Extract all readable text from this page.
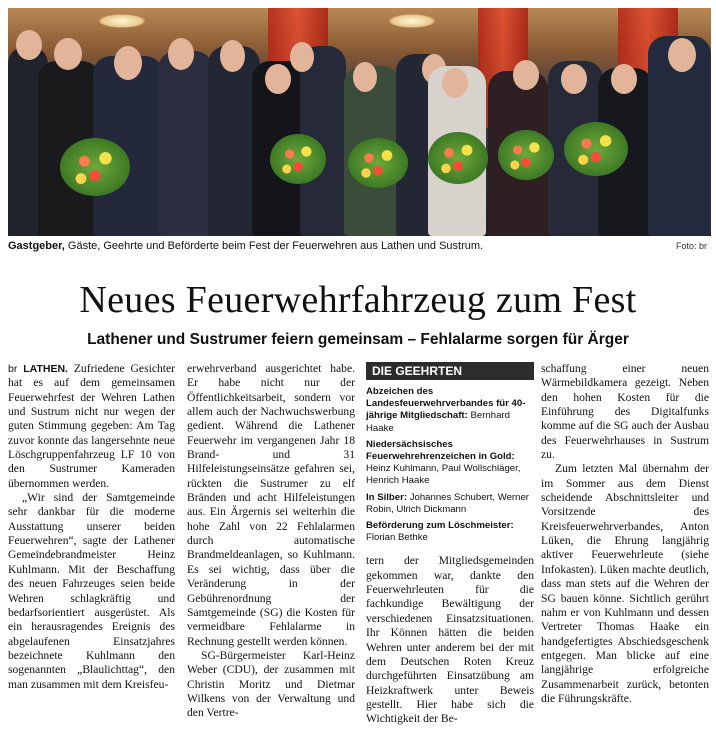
Gastgeber, Gäste, Geehrte und Beförderte beim Fest der Feuerwehren aus Lathen und Sustrum.	Foto: br
Neues Feuerwehrfahrzeug zum Fest
Lathener und Sustrumer feiern gemeinsam – Fehlalarme sorgen für Ärger

br LATHEN. Zufriedene Gesichter hat es auf dem gemeinsamen Feuerwehrfest der Wehren Lathen und Sustrum nicht nur wegen der guten Stimmung gegeben: Am Tag zuvor konnte das langersehnte neue Löschgruppenfahrzeug LF 10 von den Sustrumer Kameraden übernommen werden.

„Wir sind der Samtgemeinde sehr dankbar für die moderne Ausstattung unserer beiden Feuerwehren“, sagte der Lathener Gemeindebrandmeister Heinz Kuhlmann. Mit der Beschaffung des neuen Fahrzeuges seien beide Wehren schlagkräftig und bedarfsorientiert ausgerüstet. Als ein herausragendes Ereignis des abgelaufenen Einsatzjahres bezeichnete Kuhlmann den sogenannten „Blaulichttag“, den man zusammen mit dem Kreisfeu-

erwehrverband ausgerichtet habe. Er habe nicht nur der Öffentlichkeitsarbeit, sondern vor allem auch der Nachwuchswerbung gedient. Während die Lathener Feuerwehr im vergangenen Jahr 18 Brand- und 31 Hilfeleistungseinsätze gefahren sei, rückten die Sustrumer zu elf Bränden und acht Hilfeleistungen aus. Ein Ärgernis sei weiterhin die hohe Zahl von 22 Fehlalarmen durch automatische Brandmeldeanlagen, so Kuhlmann. Es sei wichtig, dass über die Veränderung in der Gebührenordnung der Samtgemeinde (SG) die Kosten für vermeidbare Fehlalarme in Rechnung gestellt werden können.

SG-Bürgermeister Karl-Heinz Weber (CDU), der zusammen mit Christin Moritz und Dietmar Wilkens von der Verwaltung und den Vertre-

DIE GEEHRTEN
Abzeichen des Landesfeuerwehrverbandes für 40-jährige Mitgliedschaft: Bernhard Haake
Niedersächsisches Feuerwehrehrenzeichen in Gold: Heinz Kuhlmann, Paul Wollschläger, Henrich Haake
In Silber: Johannes Schubert, Werner Robin, Ulrich Dickmann
Beförderung zum Löschmeister: Florian Bethke

tern der Mitgliedsgemeinden gekommen war, dankte den Feuerwehrleuten für die fachkundige Bewältigung der verschiedenen Einsatzsituationen. Ihr Können hätten die beiden Wehren unter anderem bei der mit dem Deutschen Roten Kreuz durchgeführten Einsatzübung am Heizkraftwerk unter Beweis gestellt. Hier habe sich die Wichtigkeit der Be-

schaffung einer neuen Wärmebildkamera gezeigt. Neben den hohen Kosten für die Einführung des Digitalfunks komme auf die SG auch der Ausbau des Feuerwehrhauses in Sustrum zu.

Zum letzten Mal übernahm der im Sommer aus dem Dienst scheidende Abschnittsleiter und Vorsitzende des Kreisfeuerwehrverbandes, Anton Lüken, die Ehrung langjährig aktiver Feuerwehrleute (siehe Infokasten). Lüken machte deutlich, dass man stets auf die Wehren der SG bauen könne. Sichtlich gerührt nahm er von Kuhlmann und dessen Vertreter Thomas Haake ein handgefertigtes Abschiedsgeschenk entgegen. Man blicke auf eine langjährige erfolgreiche Zusammenarbeit zurück, betonten die Führungskräfte.
